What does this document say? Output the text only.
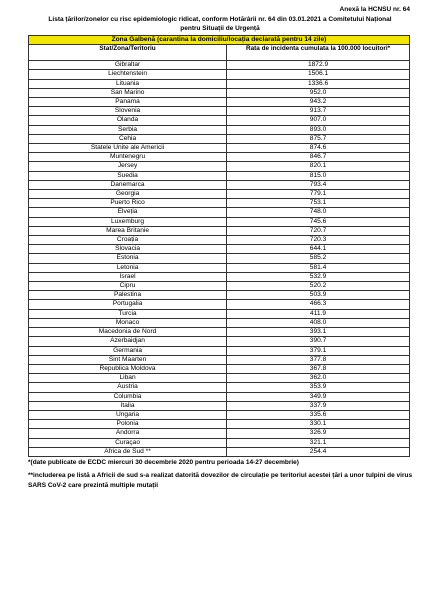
Anexă la HCNSU nr. 64
Lista țărilor/zonelor cu risc epidemiologic ridicat, conform Hotărârii nr. 64 din 03.01.2021 a Comitetului Național
pentru Situații de Urgență
Zona Galbenă (carantina la domiciliu/locația declarată pentru 14 zile)	
Stat/Zona/Teritoriu	Rata de incidenta cumulata la 100.000 locuitori*
Gibraltar	1872.9
Liechtenstein	1506.1
Lituania	1336.6
San Marino	952.0
Panama	943.2
Slovenia	913.7
Olanda	907.0
Serbia	893.0
Cehia	875.7
Statele Unite ale Americii	874.6
Muntenegru	846.7
Jersey	820.1
Suedia	815.0
Danemarca	793.4
Georgia	779.1
Puerto Rico	753.1
Elveția	748.0
Luxemburg	745.6
Marea Britanie	720.7
Croația	720.3
Slovacia	644.1
Estonia	585.2
Letonia	581.4
Israel	532.9
Cipru	520.2
Palestina	503.9
Portugalia	466.3
Turcia	411.9
Monaco	408.0
Macedonia de Nord	393.1
Azerbaidjan	390.7
Germania	379.1
Sint Maarten	377.8
Republica Moldova	367.8
Liban	362.0
Austria	353.9
Columbia	349.9
Italia	337.9
Ungaria	335.6
Polonia	330.1
Andorra	326.9
Curaçao	321.1
Africa de Sud **	254.4

*(date publicate de ECDC miercuri 30 decembrie 2020 pentru perioada 14-27 decembrie)

**includerea pe listă a Africii de sud s-a realizat datorită dovezilor de circulație pe teritoriul acestei țări a unor tulpini de virus SARS CoV-2 care prezintă multiple mutații
